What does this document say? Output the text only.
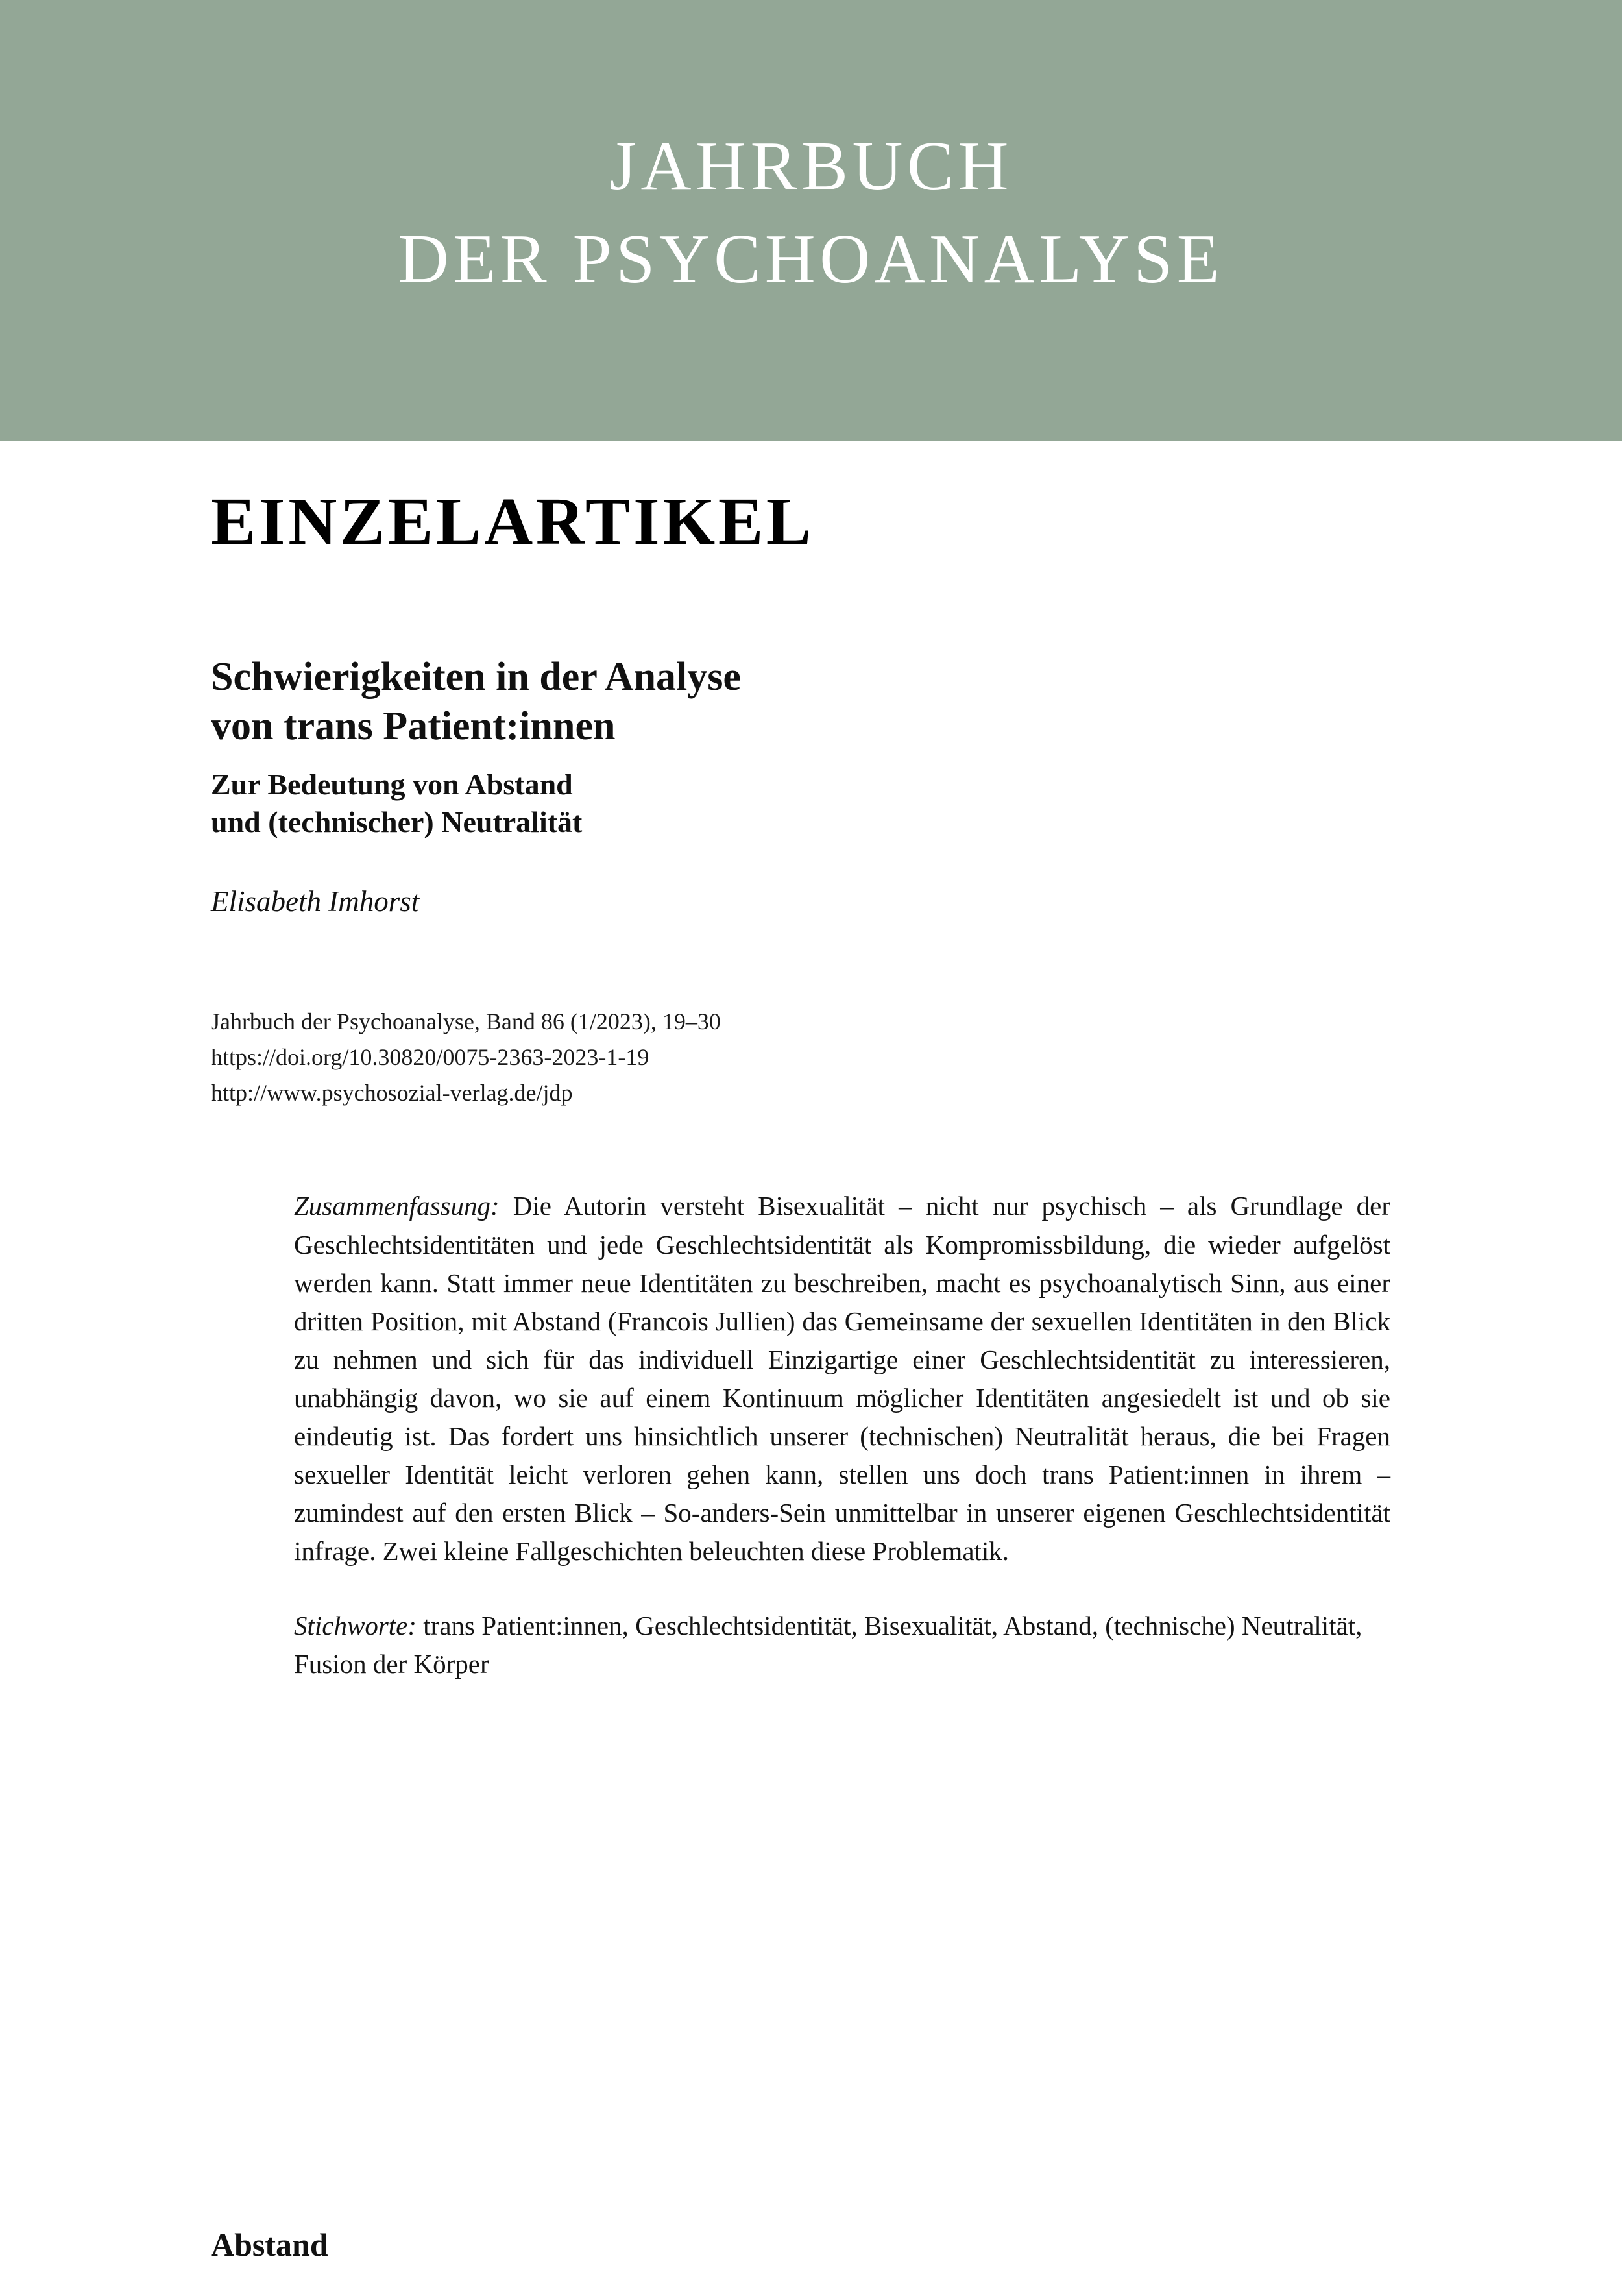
JAHRBUCH
DER PSYCHOANALYSE
EINZELARTIKEL
Schwierigkeiten in der Analyse
von trans Patient:innen
Zur Bedeutung von Abstand
und (technischer) Neutralität
Elisabeth Imhorst
Jahrbuch der Psychoanalyse, Band 86 (1/2023), 19–30
https://doi.org/10.30820/0075-2363-2023-1-19
http://www.psychosozial-verlag.de/jdp
Zusammenfassung: Die Autorin versteht Bisexualität – nicht nur psychisch – als Grundlage der Geschlechtsidentitäten und jede Geschlechtsidentität als Kompromissbildung, die wieder aufgelöst werden kann. Statt immer neue Identitäten zu beschreiben, macht es psychoanalytisch Sinn, aus einer dritten Position, mit Abstand (Francois Jullien) das Gemeinsame der sexuellen Identitäten in den Blick zu nehmen und sich für das individuell Einzigartige einer Geschlechtsidentität zu interessieren, unabhängig davon, wo sie auf einem Kontinuum möglicher Identitäten angesiedelt ist und ob sie eindeutig ist. Das fordert uns hinsichtlich unserer (technischen) Neutralität heraus, die bei Fragen sexueller Identität leicht verloren gehen kann, stellen uns doch trans Patient:innen in ihrem – zumindest auf den ersten Blick – So-anders-Sein unmittelbar in unserer eigenen Geschlechtsidentität infrage. Zwei kleine Fallgeschichten beleuchten diese Problematik.
Stichworte: trans Patient:innen, Geschlechtsidentität, Bisexualität, Abstand, (technische) Neutralität, Fusion der Körper
Abstand
